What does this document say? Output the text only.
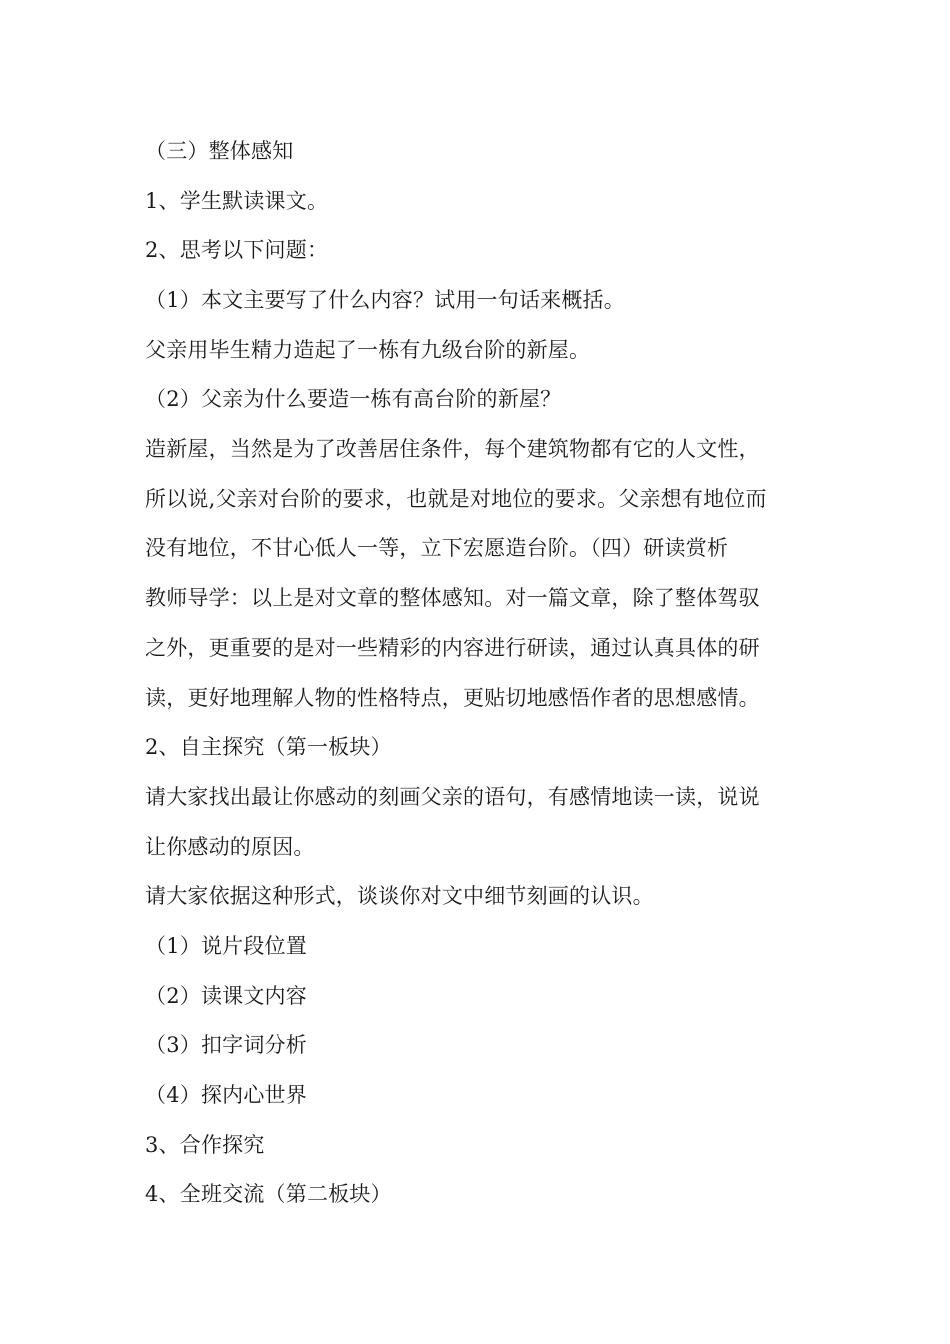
（三）整体感知
1、学生默读课文。
2、思考以下问题：
（1）本文主要写了什么内容？试用一句话来概括。
父亲用毕生精力造起了一栋有九级台阶的新屋。
（2）父亲为什么要造一栋有高台阶的新屋？
造新屋，当然是为了改善居住条件，每个建筑物都有它的人文性，
所以说,父亲对台阶的要求，也就是对地位的要求。父亲想有地位而
没有地位，不甘心低人一等，立下宏愿造台阶。（四）研读赏析
教师导学：以上是对文章的整体感知。对一篇文章，除了整体驾驭
之外，更重要的是对一些精彩的内容进行研读，通过认真具体的研
读，更好地理解人物的性格特点，更贴切地感悟作者的思想感情。
2、自主探究（第一板块）
请大家找出最让你感动的刻画父亲的语句，有感情地读一读，说说
让你感动的原因。
请大家依据这种形式，谈谈你对文中细节刻画的认识。
（1）说片段位置
（2）读课文内容
（3）扣字词分析
（4）探内心世界
3、合作探究
4、全班交流（第二板块）
